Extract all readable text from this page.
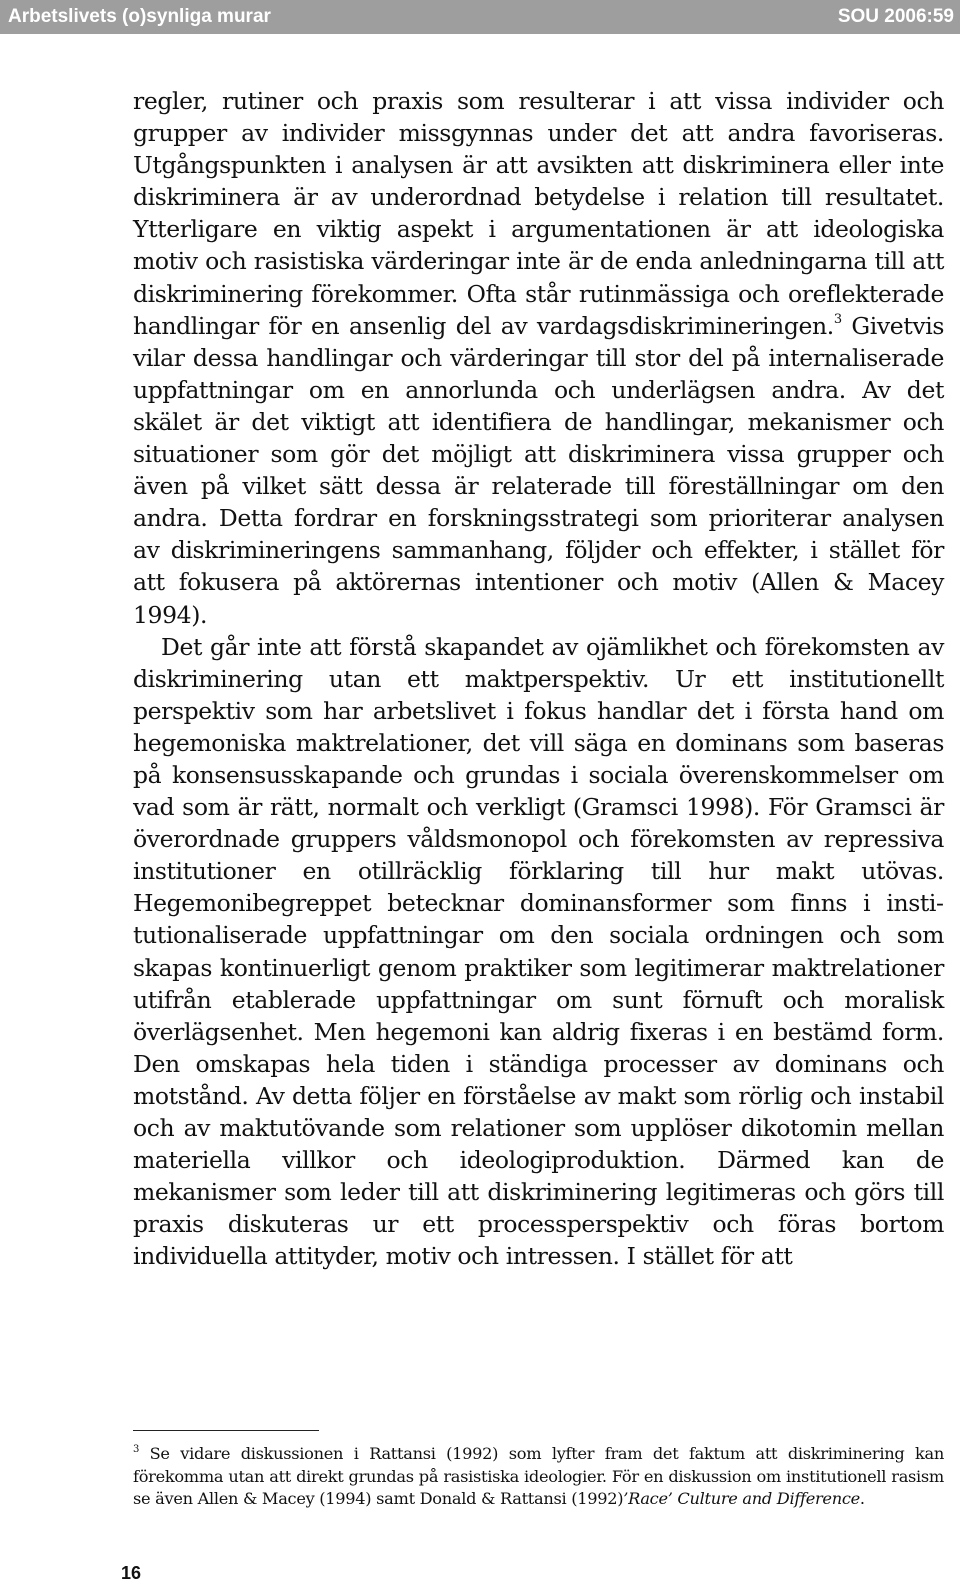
Arbetslivets (o)synliga murar	SOU 2006:59

regler, rutiner och praxis som resulterar i att vissa individer och grupper av individer missgynnas under det att andra favoriseras. Utgångspunkten i analysen är att avsikten att diskriminera eller inte diskriminera är av underordnad betydelse i relation till resultatet. Ytterligare en viktig aspekt i argumentationen är att ideologiska motiv och rasistiska värderingar inte är de enda anledningarna till att diskriminering förekommer. Ofta står rutinmässiga och oreflekterade handlingar för en ansenlig del av vardagsdiskrimineringen.$^3$ Givetvis vilar dessa handlingar och värderingar till stor del på internaliserade uppfattningar om en annorlunda och underlägsen andra. Av det skälet är det viktigt att identifiera de handlingar, mekanismer och situationer som gör det möjligt att diskriminera vissa grupper och även på vilket sätt dessa är relaterade till föreställningar om den andra. Detta fordrar en forskningsstrategi som prioriterar analysen av diskrimineringens sammanhang, följder och effekter, i stället för att fokusera på aktörernas intentioner och motiv (Allen & Macey 1994).

Det går inte att förstå skapandet av ojämlikhet och förekomsten av diskriminering utan ett maktperspektiv. Ur ett institutionellt perspektiv som har arbetslivet i fokus handlar det i första hand om hegemoniska maktrelationer, det vill säga en dominans som baseras på konsensusskapande och grundas i sociala överenskommelser om vad som är rätt, normalt och verkligt (Gramsci 1998). För Gramsci är överordnade gruppers våldsmonopol och förekomsten av repressiva institutioner en otillräcklig förklaring till hur makt utövas. Hegemonibegreppet betecknar dominansformer som finns i institutionaliserade uppfattningar om den sociala ordningen och som skapas kontinuerligt genom praktiker som legitimerar maktrelationer utifrån etablerade uppfattningar om sunt förnuft och moralisk överlägsenhet. Men hegemoni kan aldrig fixeras i en bestämd form. Den omskapas hela tiden i ständiga processer av dominans och motstånd. Av detta följer en förståelse av makt som rörlig och instabil och av maktutövande som relationer som upplöser dikotomin mellan materiella villkor och ideologiproduktion. Därmed kan de mekanismer som leder till att diskriminering legitimeras och görs till praxis diskuteras ur ett processperspektiv och föras bortom individuella attityder, motiv och intressen. I stället för att

$^3$ Se vidare diskussionen i Rattansi (1992) som lyfter fram det faktum att diskriminering kan förekomma utan att direkt grundas på rasistiska ideologier. För en diskussion om institutionell rasism se även Allen & Macey (1994) samt Donald & Rattansi (1992)’Race’ Culture and Difference.
16
